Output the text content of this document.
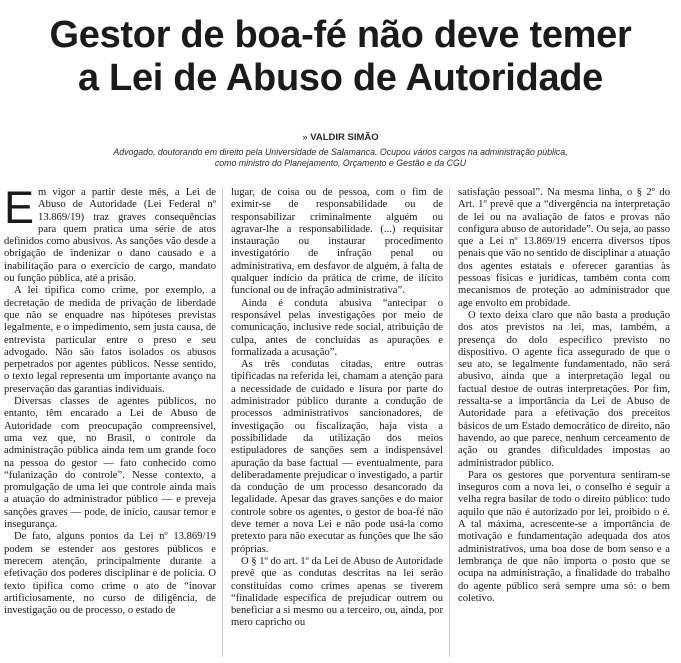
Gestor de boa-fé não deve temer
a Lei de Abuso de Autoridade
» VALDIR SIMÃO
Advogado, doutorando em direito pela Universidade de Salamanca. Ocupou vários cargos na administração pública,
como ministro do Planejamento, Orçamento e Gestão e da CGU

Em vigor a partir deste mês, a Lei de Abuso de Autoridade (Lei Federal nº 13.869/19) traz graves consequências para quem pratica uma série de atos definidos como abusivos. As sanções vão desde a obrigação de indenizar o dano causado e a inabilitação para o exercício de cargo, mandato ou função pública, até a prisão.

A lei tipifica como crime, por exemplo, a decretação de medida de privação de liberdade que não se enquadre nas hipóteses previstas legalmente, e o impedimento, sem justa causa, de entrevista particular entre o preso e seu advogado. Não são fatos isolados os abusos perpetrados por agentes públicos. Nesse sentido, o texto legal representa um importante avanço na preservação das garantias individuais.

Diversas classes de agentes públicos, no entanto, têm encarado a Lei de Abuso de Autoridade com preocupação compreensível, uma vez que, no Brasil, o controle da administração pública ainda tem um grande foco na pessoa do gestor — fato conhecido como “fulanização do controle”. Nesse contexto, a promulgação de uma lei que controle ainda mais a atuação do administrador público — e preveja sanções graves — pode, de início, causar temor e insegurança.

De fato, alguns pontos da Lei nº 13.869/19 podem se estender aos gestores públicos e merecem atenção, principalmente durante a efetivação dos poderes disciplinar e de polícia. O texto tipifica como crime o ato de “inovar artificiosamente, no curso de diligência, de investigação ou de processo, o estado de

lugar, de coisa ou de pessoa, com o fim de eximir-se de responsabilidade ou de responsabilizar criminalmente alguém ou agravar-lhe a responsabilidade. (...) requisitar instauração ou instaurar procedimento investigatório de infração penal ou administrativa, em desfavor de alguém, à falta de qualquer indício da prática de crime, de ilícito funcional ou de infração administrativa”.

Ainda é conduta abusiva “antecipar o responsável pelas investigações por meio de comunicação, inclusive rede social, atribuição de culpa, antes de concluídas as apurações e formalizada a acusação”.

As três condutas citadas, entre outras tipificadas na referida lei, chamam a atenção para a necessidade de cuidado e lisura por parte do administrador público durante a condução de processos administrativos sancionadores, de investigação ou fiscalização, haja vista a possibilidade da utilização dos meios estipuladores de sanções sem a indispensável apuração da base factual — eventualmente, para deliberadamente prejudicar o investigado, a partir da condução de um processo desancorado da legalidade. Apesar das graves sanções e do maior controle sobre os agentes, o gestor de boa-fé não deve temer a nova Lei e não pode usá-la como pretexto para não executar as funções que lhe são próprias.

O § 1º do art. 1º da Lei de Abuso de Autoridade prevê que as condutas descritas na lei serão constituídas como crimes apenas se tiverem “finalidade específica de prejudicar outrem ou beneficiar a si mesmo ou a terceiro, ou, ainda, por mero capricho ou

satisfação pessoal”. Na mesma linha, o § 2º do Art. 1º prevê que a “divergência na interpretação de lei ou na avaliação de fatos e provas não configura abuso de autoridade”. Ou seja, ao passo que a Lei nº 13.869/19 encerra diversos tipos penais que vão no sentido de disciplinar a atuação dos agentes estatais e oferecer garantias às pessoas físicas e jurídicas, também conta com mecanismos de proteção ao administrador que age envolto em probidade.

O texto deixa claro que não basta a produção dos atos previstos na lei, mas, também, a presença do dolo específico previsto no dispositivo. O agente fica assegurado de que o seu ato, se legalmente fundamentado, não será abusivo, ainda que a interpretação legal ou factual destoe de outras interpretações. Por fim, ressalta-se a importância da Lei de Abuso de Autoridade para a efetivação dos preceitos básicos de um Estado democrático de direito, não havendo, ao que parece, nenhum cerceamento de ação ou grandes dificuldades impostas ao administrador público.

Para os gestores que porventura sentiram-se inseguros com a nova lei, o conselho é seguir a velha regra basilar de todo o direito público: tudo aquilo que não é autorizado por lei, proibido o é. A tal máxima, acrescente-se a importância de motivação e fundamentação adequada dos atos administrativos, uma boa dose de bom senso e a lembrança de que não importa o posto que se ocupa na administração, a finalidade do trabalho do agente público será sempre uma só: o bem coletivo.
